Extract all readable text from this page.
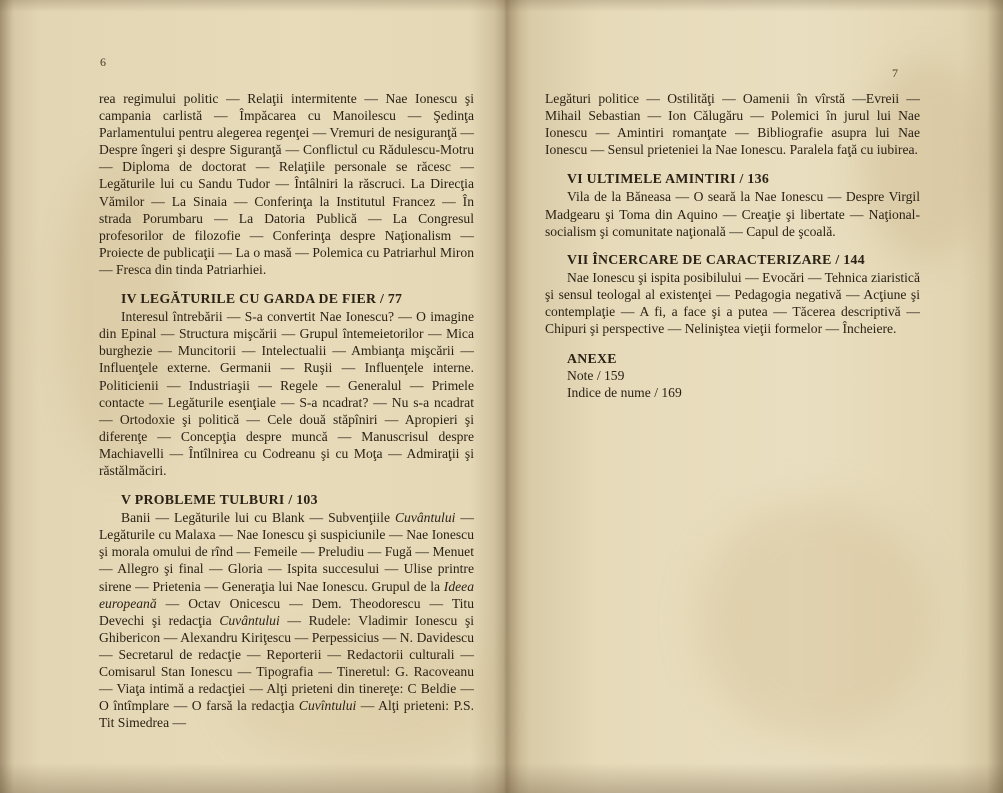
6

rea regimului politic — Relaţii intermitente — Nae Ionescu şi campania carlistă — Împăcarea cu Manoilescu — Şedinţa Parlamentului pentru alegerea regenţei — Vremuri de nesiguranţă — Despre îngeri şi despre Siguranţă — Conflictul cu Rădulescu-Motru — Diploma de doctorat — Relaţiile personale se răcesc — Legăturile lui cu Sandu Tudor — Întâlniri la răscruci. La Direcţia Vămilor — La Sinaia — Conferinţa la Institutul Francez — În strada Porumbaru — La Datoria Publică — La Congresul profesorilor de filozofie — Conferinţa despre Naţionalism — Proiecte de publicaţii — La o masă — Polemica cu Patriarhul Miron — Fresca din tinda Patriarhiei.

IV LEGĂTURILE CU GARDA DE FIER / 77

Interesul întrebării — S-a convertit Nae Ionescu? — O imagine din Epinal — Structura mişcării — Grupul întemeietorilor — Mica burghezie — Muncitorii — Intelectualii — Ambianţa mişcării — Influenţele externe. Germanii — Ruşii — Influenţele interne. Politicienii — Industriaşii — Regele — Generalul — Primele contacte — Legăturile esenţiale — S-a ncadrat? — Nu s-a ncadrat — Ortodoxie şi politică — Cele două stăpîniri — Apropieri şi diferenţe — Concepţia despre muncă — Manuscrisul despre Machiavelli — Întîlnirea cu Codreanu şi cu Moţa — Admiraţii şi răstălmăciri.

V PROBLEME TULBURI / 103

Banii — Legăturile lui cu Blank — Subvenţiile Cuvântului — Legăturile cu Malaxa — Nae Ionescu şi suspiciunile — Nae Ionescu şi morala omului de rînd — Femeile — Preludiu — Fugă — Menuet — Allegro şi final — Gloria — Ispita succesului — Ulise printre sirene — Prietenia — Generaţia lui Nae Ionescu. Grupul de la Ideea europeană — Octav Onicescu — Dem. Theodorescu — Titu Devechi şi redacţia Cuvântului — Rudele: Vladimir Ionescu şi Ghibericon — Alexandru Kiriţescu — Perpessicius — N. Davidescu — Secretarul de redacţie — Reporterii — Redactorii culturali — Comisarul Stan Ionescu — Tipografia — Tineretul: G. Racoveanu — Viaţa intimă a redacţiei — Alţi prieteni din tinereţe: C Beldie — O întîmplare — O farsă la redacţia Cuvîntului — Alţi prieteni: P.S. Tit Simedrea —

7

Legături politice — Ostilităţi — Oamenii în vîrstă —Evreii — Mihail Sebastian — Ion Călugăru — Polemici în jurul lui Nae Ionescu — Amintiri romanţate — Bibliografie asupra lui Nae Ionescu — Sensul prieteniei la Nae Ionescu. Paralela faţă cu iubirea.

VI ULTIMELE AMINTIRI / 136

Vila de la Băneasa — O seară la Nae Ionescu — Despre Virgil Madgearu şi Toma din Aquino — Creaţie şi libertate — Naţional-socialism şi comunitate naţională — Capul de şcoală.

VII ÎNCERCARE DE CARACTERIZARE / 144

Nae Ionescu şi ispita posibilului — Evocări — Tehnica ziaristică şi sensul teologal al existenţei — Pedagogia negativă — Acţiune şi contemplaţie — A fi, a face şi a putea — Tăcerea descriptivă — Chipuri şi perspective — Neliniştea vieţii formelor — Încheiere.

ANEXE

Note / 159

Indice de nume / 169
